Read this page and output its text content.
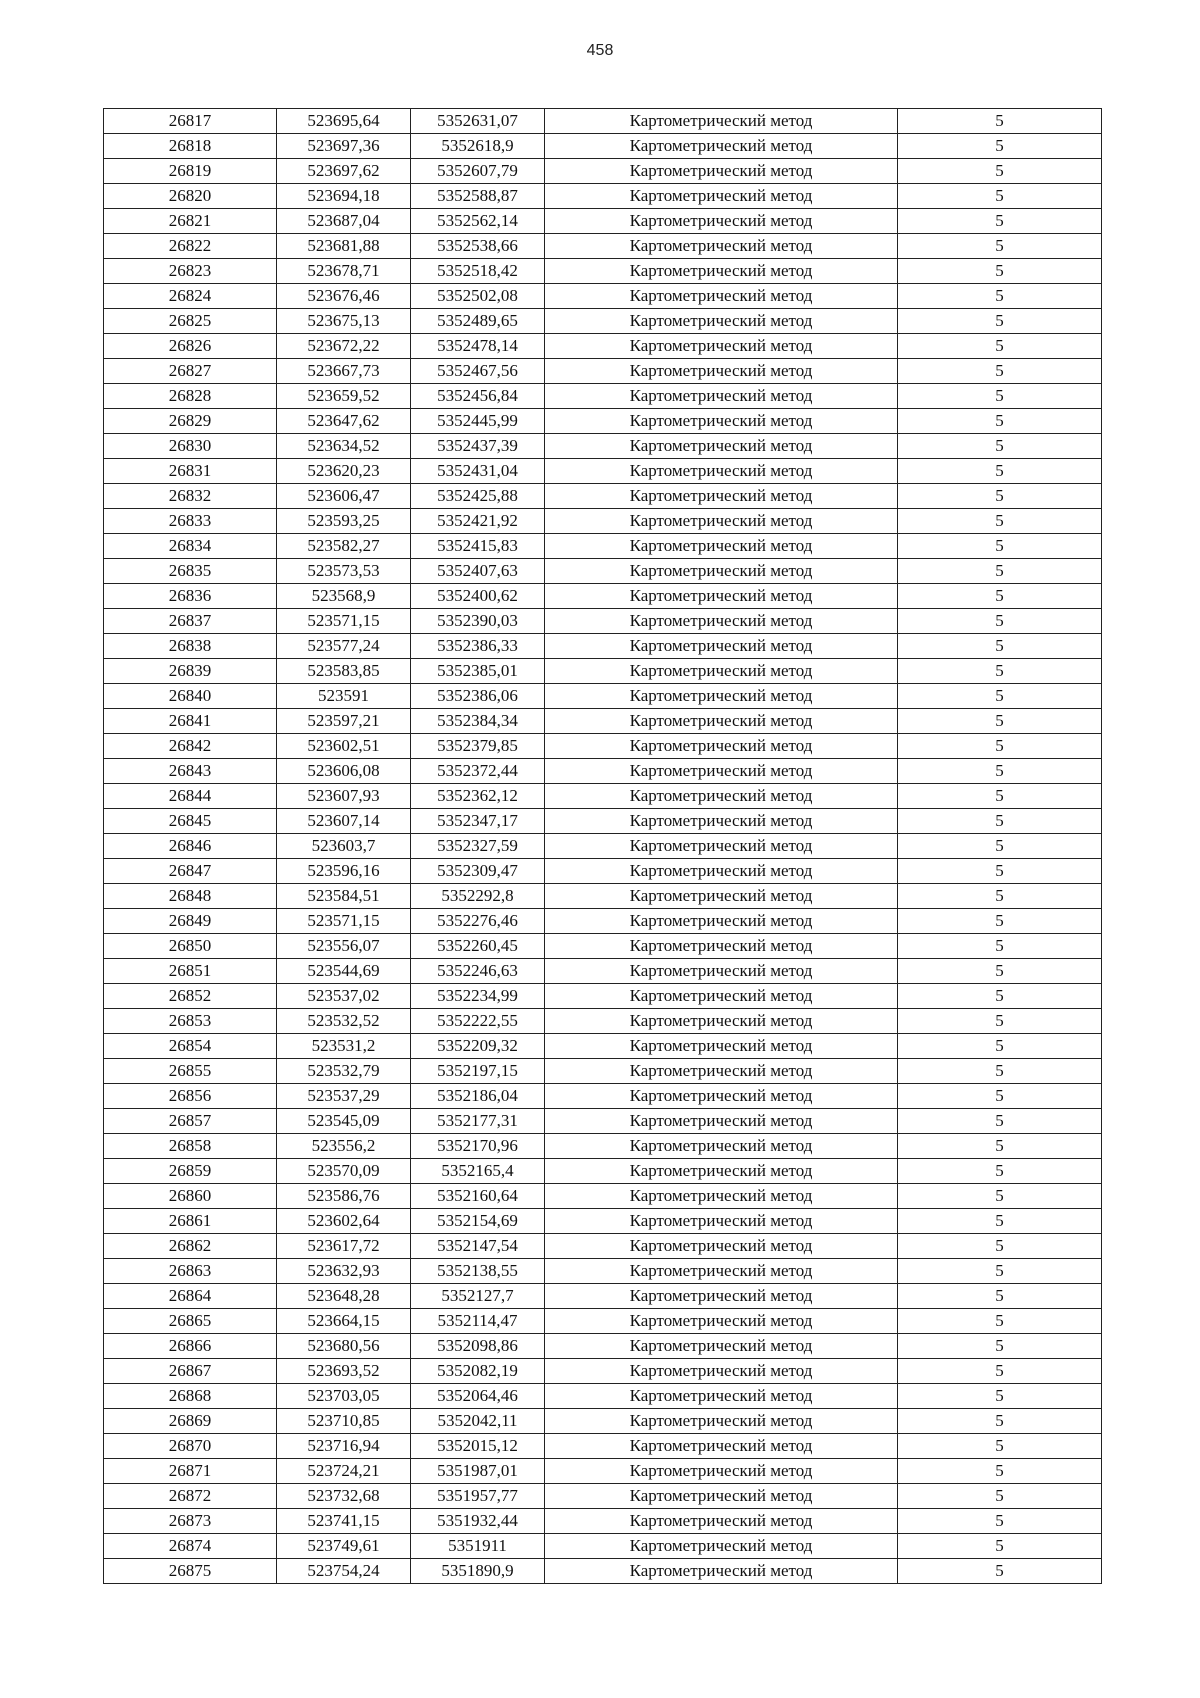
458
26817	523695,64	5352631,07	Картометрический метод	5
26818	523697,36	5352618,9	Картометрический метод	5
26819	523697,62	5352607,79	Картометрический метод	5
26820	523694,18	5352588,87	Картометрический метод	5
26821	523687,04	5352562,14	Картометрический метод	5
26822	523681,88	5352538,66	Картометрический метод	5
26823	523678,71	5352518,42	Картометрический метод	5
26824	523676,46	5352502,08	Картометрический метод	5
26825	523675,13	5352489,65	Картометрический метод	5
26826	523672,22	5352478,14	Картометрический метод	5
26827	523667,73	5352467,56	Картометрический метод	5
26828	523659,52	5352456,84	Картометрический метод	5
26829	523647,62	5352445,99	Картометрический метод	5
26830	523634,52	5352437,39	Картометрический метод	5
26831	523620,23	5352431,04	Картометрический метод	5
26832	523606,47	5352425,88	Картометрический метод	5
26833	523593,25	5352421,92	Картометрический метод	5
26834	523582,27	5352415,83	Картометрический метод	5
26835	523573,53	5352407,63	Картометрический метод	5
26836	523568,9	5352400,62	Картометрический метод	5
26837	523571,15	5352390,03	Картометрический метод	5
26838	523577,24	5352386,33	Картометрический метод	5
26839	523583,85	5352385,01	Картометрический метод	5
26840	523591	5352386,06	Картометрический метод	5
26841	523597,21	5352384,34	Картометрический метод	5
26842	523602,51	5352379,85	Картометрический метод	5
26843	523606,08	5352372,44	Картометрический метод	5
26844	523607,93	5352362,12	Картометрический метод	5
26845	523607,14	5352347,17	Картометрический метод	5
26846	523603,7	5352327,59	Картометрический метод	5
26847	523596,16	5352309,47	Картометрический метод	5
26848	523584,51	5352292,8	Картометрический метод	5
26849	523571,15	5352276,46	Картометрический метод	5
26850	523556,07	5352260,45	Картометрический метод	5
26851	523544,69	5352246,63	Картометрический метод	5
26852	523537,02	5352234,99	Картометрический метод	5
26853	523532,52	5352222,55	Картометрический метод	5
26854	523531,2	5352209,32	Картометрический метод	5
26855	523532,79	5352197,15	Картометрический метод	5
26856	523537,29	5352186,04	Картометрический метод	5
26857	523545,09	5352177,31	Картометрический метод	5
26858	523556,2	5352170,96	Картометрический метод	5
26859	523570,09	5352165,4	Картометрический метод	5
26860	523586,76	5352160,64	Картометрический метод	5
26861	523602,64	5352154,69	Картометрический метод	5
26862	523617,72	5352147,54	Картометрический метод	5
26863	523632,93	5352138,55	Картометрический метод	5
26864	523648,28	5352127,7	Картометрический метод	5
26865	523664,15	5352114,47	Картометрический метод	5
26866	523680,56	5352098,86	Картометрический метод	5
26867	523693,52	5352082,19	Картометрический метод	5
26868	523703,05	5352064,46	Картометрический метод	5
26869	523710,85	5352042,11	Картометрический метод	5
26870	523716,94	5352015,12	Картометрический метод	5
26871	523724,21	5351987,01	Картометрический метод	5
26872	523732,68	5351957,77	Картометрический метод	5
26873	523741,15	5351932,44	Картометрический метод	5
26874	523749,61	5351911	Картометрический метод	5
26875	523754,24	5351890,9	Картометрический метод	5
